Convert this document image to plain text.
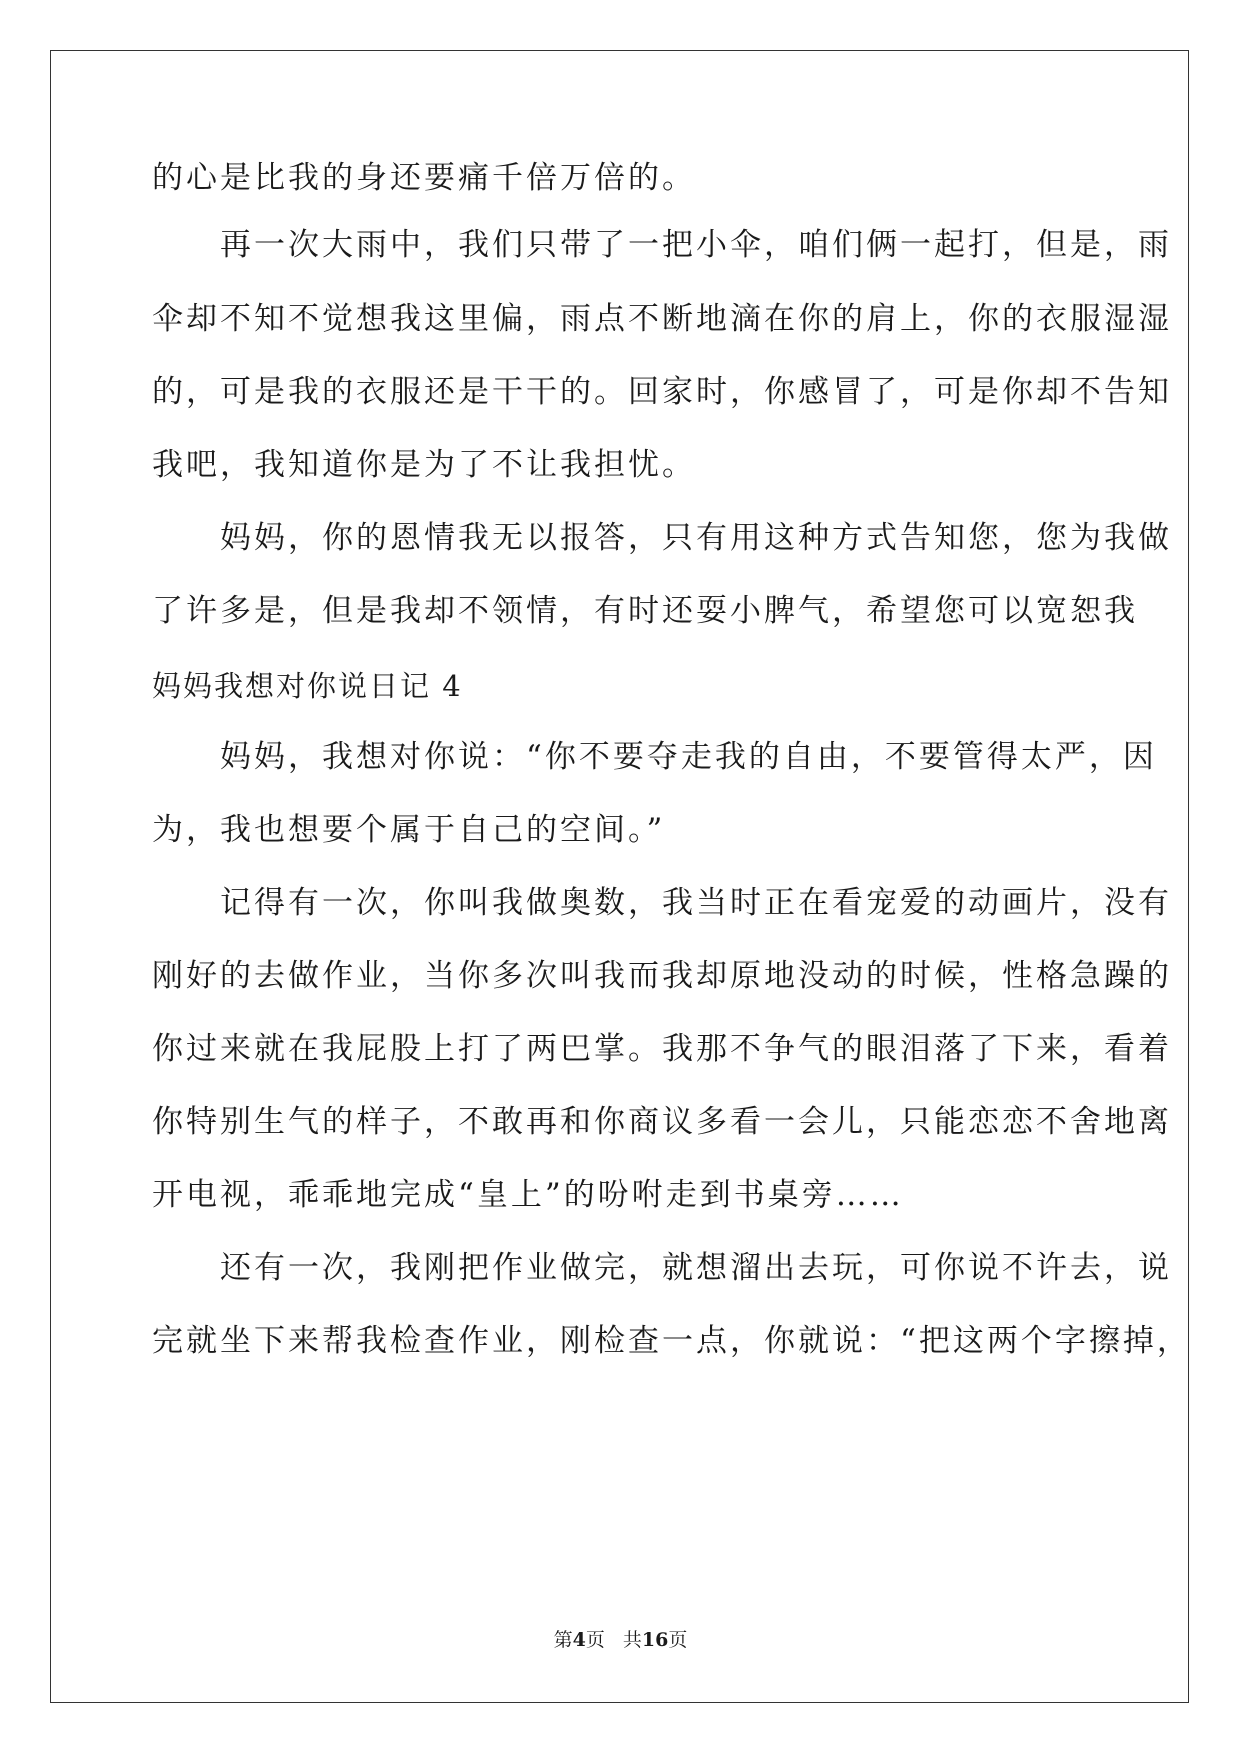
的心是比我的身还要痛千倍万倍的。
　　再一次大雨中，我们只带了一把小伞，咱们俩一起打，但是，雨
伞却不知不觉想我这里偏，雨点不断地滴在你的肩上，你的衣服湿湿
的，可是我的衣服还是干干的。回家时，你感冒了，可是你却不告知
我吧，我知道你是为了不让我担忧。
　　妈妈，你的恩情我无以报答，只有用这种方式告知您，您为我做
了许多是，但是我却不领情，有时还耍小脾气，希望您可以宽恕我
妈妈我想对你说日记 4
　　妈妈，我想对你说：“你不要夺走我的自由，不要管得太严，因
为，我也想要个属于自己的空间。”
　　记得有一次，你叫我做奥数，我当时正在看宠爱的动画片，没有
刚好的去做作业，当你多次叫我而我却原地没动的时候，性格急躁的
你过来就在我屁股上打了两巴掌。我那不争气的眼泪落了下来，看着
你特别生气的样子，不敢再和你商议多看一会儿，只能恋恋不舍地离
开电视，乖乖地完成“皇上”的吩咐走到书桌旁……
　　还有一次，我刚把作业做完，就想溜出去玩，可你说不许去，说
完就坐下来帮我检查作业，刚检查一点，你就说：“把这两个字擦掉，
第4页 共16页
